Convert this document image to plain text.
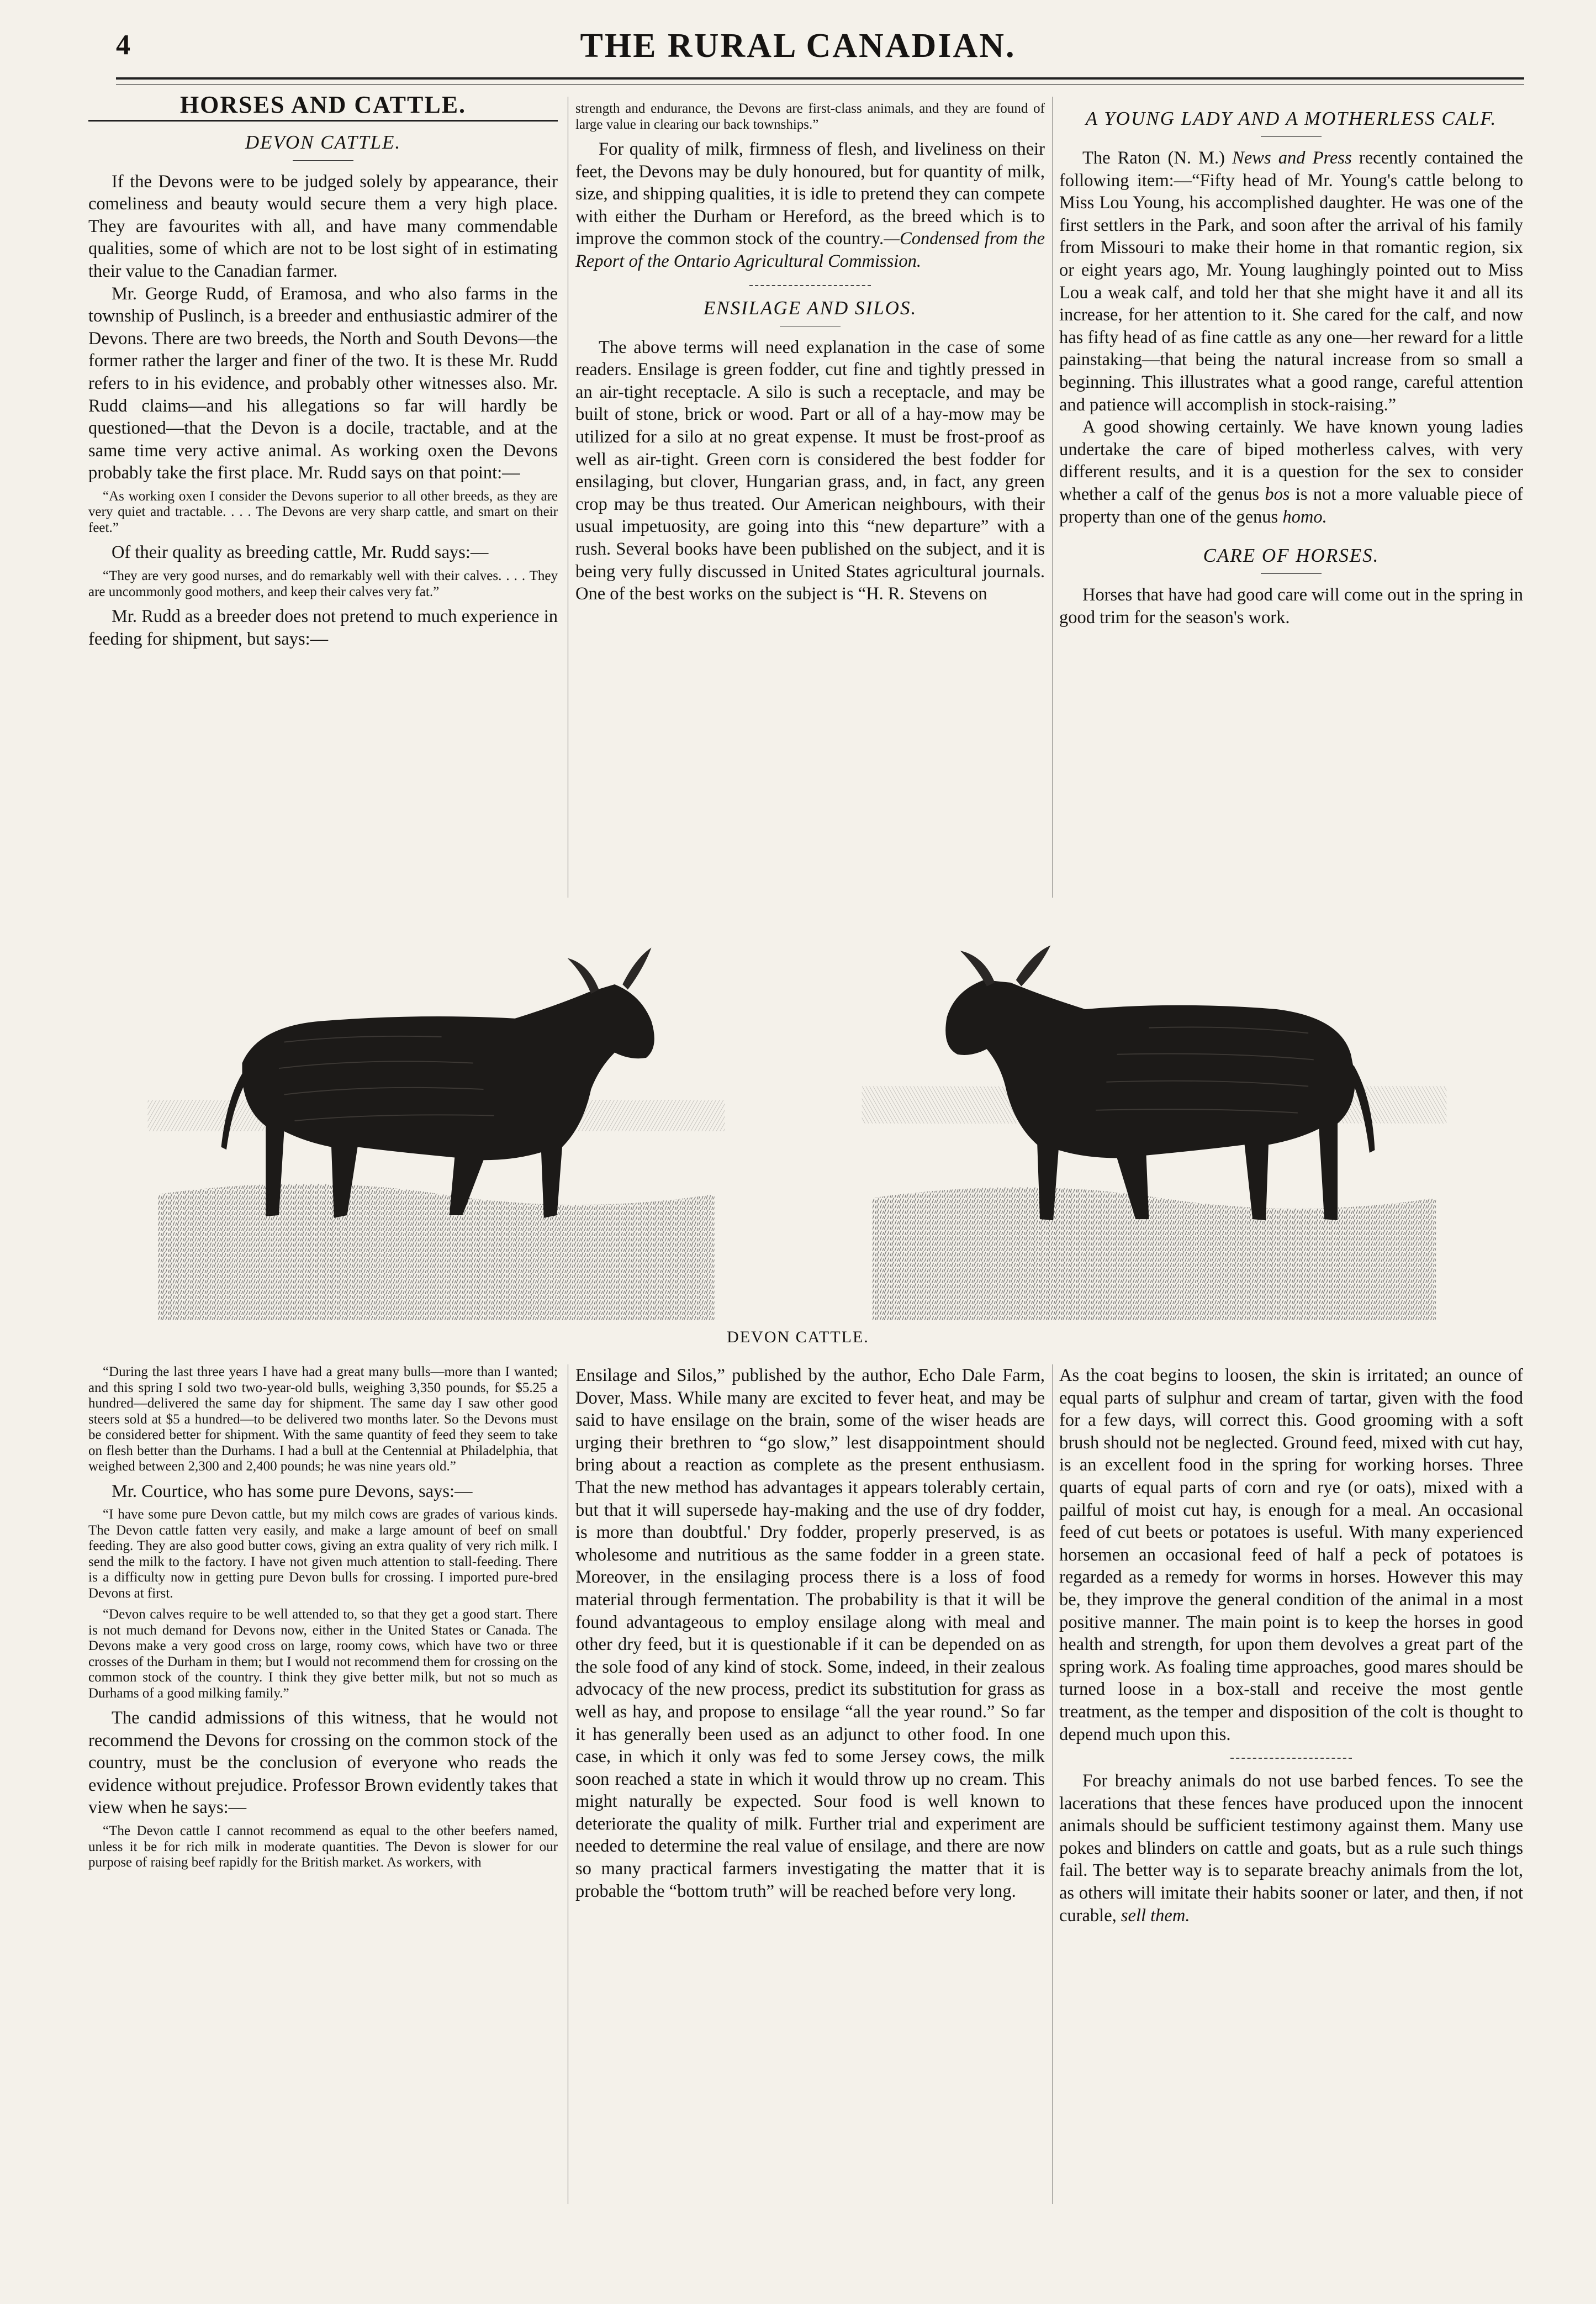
4	THE RURAL CANADIAN.
HORSES AND CATTLE.
DEVON CATTLE.

If the Devons were to be judged solely by appearance, their comeliness and beauty would secure them a very high place. They are favourites with all, and have many commendable qualities, some of which are not to be lost sight of in estimating their value to the Canadian farmer.

Mr. George Rudd, of Eramosa, and who also farms in the township of Puslinch, is a breeder and enthusiastic admirer of the Devons. There are two breeds, the North and South Devons—the former rather the larger and finer of the two. It is these Mr. Rudd refers to in his evidence, and probably other witnesses also. Mr. Rudd claims—and his allegations so far will hardly be questioned—that the Devon is a docile, tractable, and at the same time very active animal. As working oxen the Devons probably take the first place. Mr. Rudd says on that point:—

“As working oxen I consider the Devons superior to all other breeds, as they are very quiet and tractable. . . . The Devons are very sharp cattle, and smart on their feet.”

Of their quality as breeding cattle, Mr. Rudd says:—

“They are very good nurses, and do remarkably well with their calves. . . . They are uncommonly good mothers, and keep their calves very fat.”

Mr. Rudd as a breeder does not pretend to much experience in feeding for shipment, but says:—

strength and endurance, the Devons are first-class animals, and they are found of large value in clearing our back townships.”

For quality of milk, firmness of flesh, and liveliness on their feet, the Devons may be duly honoured, but for quantity of milk, size, and shipping qualities, it is idle to pretend they can compete with either the Durham or Hereford, as the breed which is to improve the common stock of the country.—Condensed from the Report of the Ontario Agricultural Commission.

ENSILAGE AND SILOS.

The above terms will need explanation in the case of some readers. Ensilage is green fodder, cut fine and tightly pressed in an air-tight receptacle. A silo is such a receptacle, and may be built of stone, brick or wood. Part or all of a hay-mow may be utilized for a silo at no great expense. It must be frost-proof as well as air-tight. Green corn is considered the best fodder for ensilaging, but clover, Hungarian grass, and, in fact, any green crop may be thus treated. Our American neighbours, with their usual impetuosity, are going into this “new departure” with a rush. Several books have been published on the subject, and it is being very fully discussed in United States agricultural journals. One of the best works on the subject is “H. R. Stevens on

A YOUNG LADY AND A MOTHERLESS CALF.

The Raton (N. M.) News and Press recently contained the following item:—“Fifty head of Mr. Young's cattle belong to Miss Lou Young, his accomplished daughter. He was one of the first settlers in the Park, and soon after the arrival of his family from Missouri to make their home in that romantic region, six or eight years ago, Mr. Young laughingly pointed out to Miss Lou a weak calf, and told her that she might have it and all its increase, for her attention to it. She cared for the calf, and now has fifty head of as fine cattle as any one—her reward for a little painstaking—that being the natural increase from so small a beginning. This illustrates what a good range, careful attention and patience will accomplish in stock-raising.”

A good showing certainly. We have known young ladies undertake the care of biped motherless calves, with very different results, and it is a question for the sex to consider whether a calf of the genus bos is not a more valuable piece of property than one of the genus homo.

CARE OF HORSES.

Horses that have had good care will come out in the spring in good trim for the season's work.

DEVON CATTLE.

“During the last three years I have had a great many bulls—more than I wanted; and this spring I sold two two-year-old bulls, weighing 3,350 pounds, for $5.25 a hundred—delivered the same day for shipment. The same day I saw other good steers sold at $5 a hundred—to be delivered two months later. So the Devons must be considered better for shipment. With the same quantity of feed they seem to take on flesh better than the Durhams. I had a bull at the Centennial at Philadelphia, that weighed between 2,300 and 2,400 pounds; he was nine years old.”

Mr. Courtice, who has some pure Devons, says:—

“I have some pure Devon cattle, but my milch cows are grades of various kinds. The Devon cattle fatten very easily, and make a large amount of beef on small feeding. They are also good butter cows, giving an extra quality of very rich milk. I send the milk to the factory. I have not given much attention to stall-feeding. There is a difficulty now in getting pure Devon bulls for crossing. I imported pure-bred Devons at first.

“Devon calves require to be well attended to, so that they get a good start. There is not much demand for Devons now, either in the United States or Canada. The Devons make a very good cross on large, roomy cows, which have two or three crosses of the Durham in them; but I would not recommend them for crossing on the common stock of the country. I think they give better milk, but not so much as Durhams of a good milking family.”

The candid admissions of this witness, that he would not recommend the Devons for crossing on the common stock of the country, must be the conclusion of everyone who reads the evidence without prejudice. Professor Brown evidently takes that view when he says:—

“The Devon cattle I cannot recommend as equal to the other beefers named, unless it be for rich milk in moderate quantities. The Devon is slower for our purpose of raising beef rapidly for the British market. As workers, with

Ensilage and Silos,” published by the author, Echo Dale Farm, Dover, Mass. While many are excited to fever heat, and may be said to have ensilage on the brain, some of the wiser heads are urging their brethren to “go slow,” lest disappointment should bring about a reaction as complete as the present enthusiasm. That the new method has advantages it appears tolerably certain, but that it will supersede hay-making and the use of dry fodder, is more than doubtful.' Dry fodder, properly preserved, is as wholesome and nutritious as the same fodder in a green state. Moreover, in the ensilaging process there is a loss of food material through fermentation. The probability is that it will be found advantageous to employ ensilage along with meal and other dry feed, but it is questionable if it can be depended on as the sole food of any kind of stock. Some, indeed, in their zealous advocacy of the new process, predict its substitution for grass as well as hay, and propose to ensilage “all the year round.” So far it has generally been used as an adjunct to other food. In one case, in which it only was fed to some Jersey cows, the milk soon reached a state in which it would throw up no cream. This might naturally be expected. Sour food is well known to deteriorate the quality of milk. Further trial and experiment are needed to determine the real value of ensilage, and there are now so many practical farmers investigating the matter that it is probable the “bottom truth” will be reached before very long.

As the coat begins to loosen, the skin is irritated; an ounce of equal parts of sulphur and cream of tartar, given with the food for a few days, will correct this. Good grooming with a soft brush should not be neglected. Ground feed, mixed with cut hay, is an excellent food in the spring for working horses. Three quarts of equal parts of corn and rye (or oats), mixed with a pailful of moist cut hay, is enough for a meal. An occasional feed of cut beets or potatoes is useful. With many experienced horsemen an occasional feed of half a peck of potatoes is regarded as a remedy for worms in horses. However this may be, they improve the general condition of the animal in a most positive manner. The main point is to keep the horses in good health and strength, for upon them devolves a great part of the spring work. As foaling time approaches, good mares should be turned loose in a box-stall and receive the most gentle treatment, as the temper and disposition of the colt is thought to depend much upon this.

For breachy animals do not use barbed fences. To see the lacerations that these fences have produced upon the innocent animals should be sufficient testimony against them. Many use pokes and blinders on cattle and goats, but as a rule such things fail. The better way is to separate breachy animals from the lot, as others will imitate their habits sooner or later, and then, if not curable, sell them.
